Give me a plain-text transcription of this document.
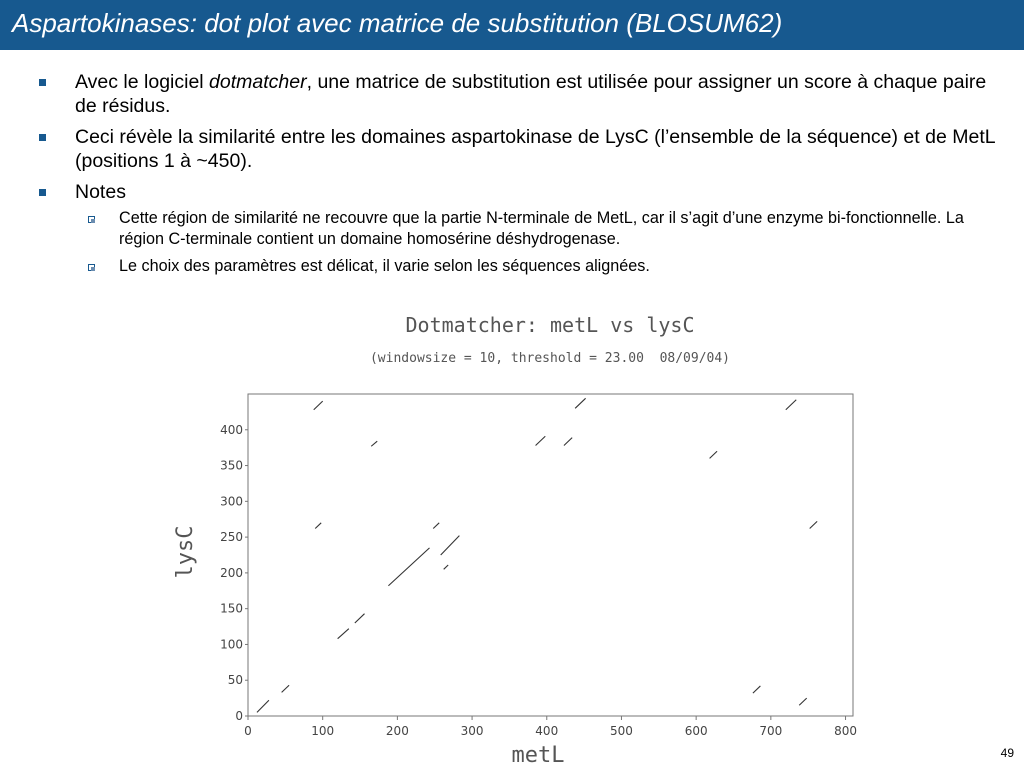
Aspartokinases: dot plot avec matrice de substitution (BLOSUM62)
Avec le logiciel dotmatcher, une matrice de substitution est utilisée pour assigner un score à chaque paire de résidus.
Ceci révèle la similarité entre les domaines aspartokinase de LysC (l’ensemble de la séquence) et de MetL (positions 1 à ~450).
Notes
Cette région de similarité ne recouvre que la partie N-terminale de MetL, car il s’agit d’une enzyme bi-fonctionnelle. La région C-terminale contient un domaine homosérine déshydrogenase.
Le choix des paramètres est délicat, il varie selon les séquences alignées.
Dotmatcher: metL vs lysC
(windowsize = 10, threshold = 23.00  08/09/04)
lysC
metL
0	100	200	300	400	500	600	700	800
0
50
100
150
200
250
300
350
400
49
